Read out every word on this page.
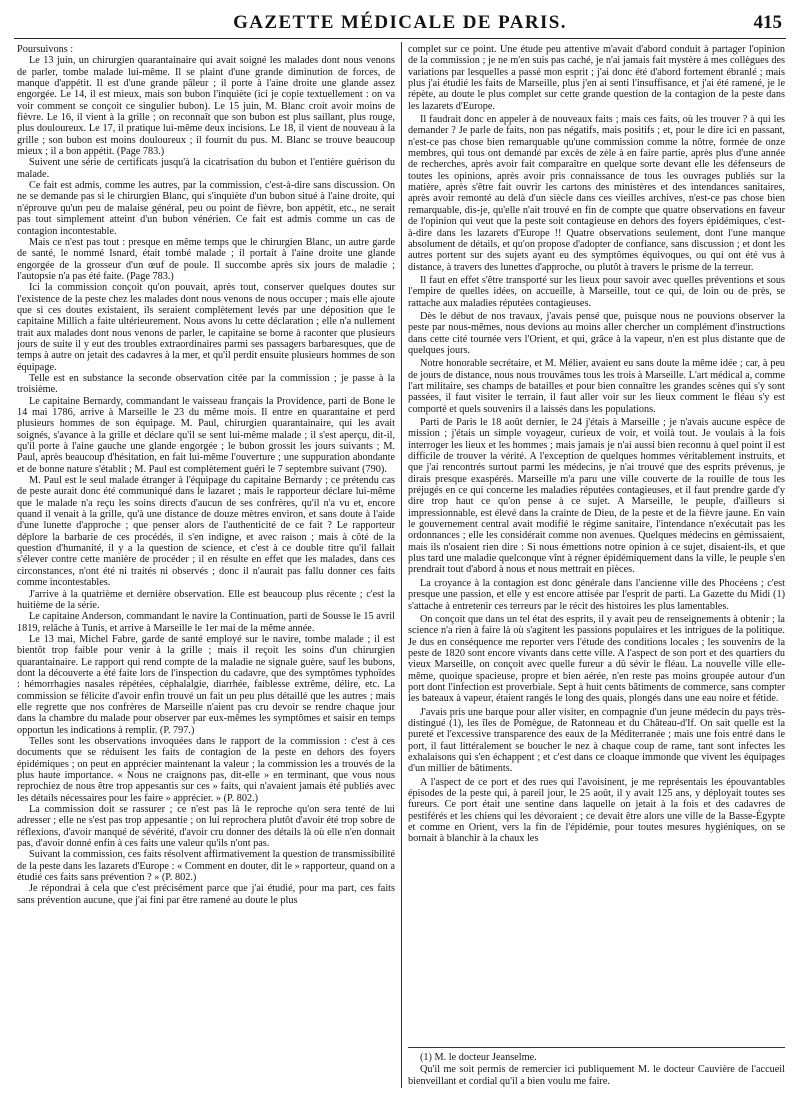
GAZETTE MÉDICALE DE PARIS.	415

Poursuivons :

Le 13 juin, un chirurgien quarantainaire qui avait soigné les malades dont nous venons de parler, tombe malade lui-même. Il se plaint d'une grande diminution de forces, de manque d'appétit. Il est d'une grande pâleur ; il porte à l'aine droite une glande assez engorgée. Le 14, il est mieux, mais son bubon l'inquiète (ici je copie textuellement : on va voir comment se conçoit ce singulier bubon). Le 15 juin, M. Blanc croit avoir moins de fièvre. Le 16, il vient à la grille ; on reconnaît que son bubon est plus saillant, plus rouge, plus douloureux. Le 17, il pratique lui-même deux incisions. Le 18, il vient de nouveau à la grille ; son bubon est moins douloureux ; il fournit du pus. M. Blanc se trouve beaucoup mieux ; il a bon appétit. (Page 783.)

Suivent une série de certificats jusqu'à la cicatrisation du bubon et l'entière guérison du malade.

Ce fait est admis, comme les autres, par la commission, c'est-à-dire sans discussion. On ne se demande pas si le chirurgien Blanc, qui s'inquiète d'un bubon situé à l'aine droite, qui n'éprouve qu'un peu de malaise général, peu ou point de fièvre, bon appétit, etc., ne serait pas tout simplement atteint d'un bubon vénérien. Ce fait est admis comme un cas de contagion incontestable.

Mais ce n'est pas tout : presque en même temps que le chirurgien Blanc, un autre garde de santé, le nommé Isnard, était tombé malade ; il portait à l'aine droite une glande engorgée de la grosseur d'un œuf de poule. Il succombe après six jours de maladie ; l'autopsie n'a pas été faite. (Page 783.)

Ici la commission conçoit qu'on pouvait, après tout, conserver quelques doutes sur l'existence de la peste chez les malades dont nous venons de nous occuper ; mais elle ajoute que si ces doutes existaient, ils seraient complètement levés par une déposition que le capitaine Millich a faite ultérieurement. Nous avons lu cette déclaration ; elle n'a nullement trait aux malades dont nous venons de parler, le capitaine se borne à raconter que plusieurs jours de suite il y eut des troubles extraordinaires parmi ses passagers barbaresques, que de temps à autre on jetait des cadavres à la mer, et qu'il perdit ensuite plusieurs hommes de son équipage.

Telle est en substance la seconde observation citée par la commission ; je passe à la troisième.

Le capitaine Bernardy, commandant le vaisseau français la Providence, parti de Bone le 14 mai 1786, arrive à Marseille le 23 du même mois. Il entre en quarantaine et perd plusieurs hommes de son équipage. M. Paul, chirurgien quarantainaire, qui les avait soignés, s'avance à la grille et déclare qu'il se sent lui-même malade ; il s'est aperçu, dit-il, qu'il porte à l'aine gauche une glande engorgée ; le bubon grossit les jours suivants ; M. Paul, après beaucoup d'hésitation, en fait lui-même l'ouverture ; une suppuration abondante et de bonne nature s'établit ; M. Paul est complètement guéri le 7 septembre suivant (790).

M. Paul est le seul malade étranger à l'équipage du capitaine Bernardy ; ce prétendu cas de peste aurait donc été communiqué dans le lazaret ; mais le rapporteur déclare lui-même que le malade n'a reçu les soins directs d'aucun de ses confrères, qu'il n'a vu et, encore quand il venait à la grille, qu'à une distance de douze mètres environ, et sans doute à l'aide d'une lunette d'approche ; que penser alors de l'authenticité de ce fait ? Le rapporteur déplore la barbarie de ces procédés, il s'en indigne, et avec raison ; mais à côté de la question d'humanité, il y a la question de science, et c'est à ce double titre qu'il fallait s'élever contre cette manière de procéder ; il en résulte en effet que les malades, dans ces circonstances, n'ont été ni traités ni observés ; donc il n'aurait pas fallu donner ces faits comme incontestables.

J'arrive à la quatrième et dernière observation. Elle est beaucoup plus récente ; c'est la huitième de la série.

Le capitaine Anderson, commandant le navire la Continuation, parti de Sousse le 15 avril 1819, relâche à Tunis, et arrive à Marseille le 1er mai de la même année.

Le 13 mai, Michel Fabre, garde de santé employé sur le navire, tombe malade ; il est bientôt trop faible pour venir à la grille ; mais il reçoit les soins d'un chirurgien quarantainaire. Le rapport qui rend compte de la maladie ne signale guère, sauf les bubons, dont la découverte a été faite lors de l'inspection du cadavre, que des symptômes typhoïdes : hémorrhagies nasales répétées, céphalalgie, diarrhée, faiblesse extrême, délire, etc. La commission se félicite d'avoir enfin trouvé un fait un peu plus détaillé que les autres ; mais elle regrette que nos confrères de Marseille n'aient pas cru devoir se rendre chaque jour dans la chambre du malade pour observer par eux-mêmes les symptômes et saisir en temps opportun les indications à remplir. (P. 797.)

Telles sont les observations invoquées dans le rapport de la commission : c'est à ces documents que se réduisent les faits de contagion de la peste en dehors des foyers épidémiques ; on peut en apprécier maintenant la valeur ; la commission les a trouvés de la plus haute importance. « Nous ne craignons pas, dit-elle » en terminant, que vous nous reprochiez de nous être trop appesantis sur ces » faits, qui n'avaient jamais été publiés avec les détails nécessaires pour les faire » apprécier. » (P. 802.)

La commission doit se rassurer ; ce n'est pas là le reproche qu'on sera tenté de lui adresser ; elle ne s'est pas trop appesantie ; on lui reprochera plutôt d'avoir été trop sobre de réflexions, d'avoir manqué de sévérité, d'avoir cru donner des détails là où elle n'en donnait pas, d'avoir donné enfin à ces faits une valeur qu'ils n'ont pas.

Suivant la commission, ces faits résolvent affirmativement la question de transmissibilité de la peste dans les lazarets d'Europe : « Comment en douter, dit le » rapporteur, quand on a étudié ces faits sans prévention ? » (P. 802.)

Je répondrai à cela que c'est précisément parce que j'ai étudié, pour ma part, ces faits sans prévention aucune, que j'ai fini par être ramené au doute le plus

complet sur ce point. Une étude peu attentive m'avait d'abord conduit à partager l'opinion de la commission ; je ne m'en suis pas caché, je n'ai jamais fait mystère à mes collègues des variations par lesquelles a passé mon esprit ; j'ai donc été d'abord fortement ébranlé ; mais plus j'ai étudié les faits de Marseille, plus j'en ai senti l'insuffisance, et j'ai été ramené, je le répète, au doute le plus complet sur cette grande question de la contagion de la peste dans les lazarets d'Europe.

Il faudrait donc en appeler à de nouveaux faits ; mais ces faits, où les trouver ? à qui les demander ? Je parle de faits, non pas négatifs, mais positifs ; et, pour le dire ici en passant, n'est-ce pas chose bien remarquable qu'une commission comme la nôtre, formée de onze membres, qui tous ont demandé par excès de zèle à en faire partie, après plus d'une année de recherches, après avoir fait comparaître en quelque sorte devant elle les défenseurs de toutes les opinions, après avoir pris connaissance de tous les ouvrages publiés sur la matière, après s'être fait ouvrir les cartons des ministères et des intendances sanitaires, après avoir remonté au delà d'un siècle dans ces vieilles archives, n'est-ce pas chose bien remarquable, dis-je, qu'elle n'ait trouvé en fin de compte que quatre observations en faveur de l'opinion qui veut que la peste soit contagieuse en dehors des foyers épidémiques, c'est-à-dire dans les lazarets d'Europe !! Quatre observations seulement, dont l'une manque absolument de détails, et qu'on propose d'adopter de confiance, sans discussion ; et dont les autres portent sur des sujets ayant eu des symptômes équivoques, ou qui ont été vus à distance, à travers des lunettes d'approche, ou plutôt à travers le prisme de la terreur.

Il faut en effet s'être transporté sur les lieux pour savoir avec quelles préventions et sous l'empire de quelles idées, on accueille, à Marseille, tout ce qui, de loin ou de près, se rattache aux maladies réputées contagieuses.

Dès le début de nos travaux, j'avais pensé que, puisque nous ne pouvions observer la peste par nous-mêmes, nous devions au moins aller chercher un complément d'instructions dans cette cité tournée vers l'Orient, et qui, grâce à la vapeur, n'en est plus distante que de quelques jours.

Notre honorable secrétaire, et M. Mélier, avaient eu sans doute la même idée ; car, à peu de jours de distance, nous nous trouvâmes tous les trois à Marseille. L'art médical a, comme l'art militaire, ses champs de batailles et pour bien connaître les grandes scènes qui s'y sont passées, il faut visiter le terrain, il faut aller voir sur les lieux comment le fléau s'y est comporté et quels souvenirs il a laissés dans les populations.

Parti de Paris le 18 août dernier, le 24 j'étais à Marseille ; je n'avais aucune espèce de mission ; j'étais un simple voyageur, curieux de voir, et voilà tout. Je voulais à la fois interroger les lieux et les hommes ; mais jamais je n'ai aussi bien reconnu à quel point il est difficile de trouver la vérité. A l'exception de quelques hommes véritablement instruits, et que j'ai rencontrés surtout parmi les médecins, je n'ai trouvé que des esprits prévenus, je dirais presque exaspérés. Marseille m'a paru une ville couverte de la rouille de tous les préjugés en ce qui concerne les maladies réputées contagieuses, et il faut prendre garde d'y dire trop haut ce qu'on pense à ce sujet. A Marseille, le peuple, d'ailleurs si impressionnable, est élevé dans la crainte de Dieu, de la peste et de la fièvre jaune. En vain le gouvernement central avait modifié le régime sanitaire, l'intendance n'exécutait pas les ordonnances ; elle les considérait comme non avenues. Quelques médecins en gémissaient, mais ils n'osaient rien dire : Si nous émettions notre opinion à ce sujet, disaient-ils, et que plus tard une maladie quelconque vînt à régner épidémiquement dans la ville, le peuple s'en prendrait tout d'abord à nous et nous mettrait en pièces.

La croyance à la contagion est donc générale dans l'ancienne ville des Phocéens ; c'est presque une passion, et elle y est encore attisée par l'esprit de parti. La Gazette du Midi (1) s'attache à entretenir ces terreurs par le récit des histoires les plus lamentables.

On conçoit que dans un tel état des esprits, il y avait peu de renseignements à obtenir ; la science n'a rien à faire là où s'agitent les passions populaires et les intrigues de la politique. Je dus en conséquence me reporter vers l'étude des conditions locales ; les souvenirs de la peste de 1820 sont encore vivants dans cette ville. A l'aspect de son port et des quartiers du vieux Marseille, on conçoit avec quelle fureur a dû sévir le fléau. La nouvelle ville elle-même, quoique spacieuse, propre et bien aérée, n'en reste pas moins groupée autour d'un port dont l'infection est proverbiale. Sept à huit cents bâtiments de commerce, sans compter les bateaux à vapeur, étaient rangés le long des quais, plongés dans une eau noire et fétide.

J'avais pris une barque pour aller visiter, en compagnie d'un jeune médecin du pays très-distingué (1), les îles de Pomègue, de Ratonneau et du Château-d'If. On sait quelle est la pureté et l'excessive transparence des eaux de la Méditerranée ; mais une fois entré dans le port, il faut littéralement se boucher le nez à chaque coup de rame, tant sont infectes les exhalaisons qui s'en échappent ; et c'est dans ce cloaque immonde que vivent les équipages d'un millier de bâtiments.

A l'aspect de ce port et des rues qui l'avoisinent, je me représentais les épouvantables épisodes de la peste qui, à pareil jour, le 25 août, il y avait 125 ans, y déployait toutes ses fureurs. Ce port était une sentine dans laquelle on jetait à la fois et des cadavres de pestiférés et les chiens qui les dévoraient ; ce devait être alors une ville de la Basse-Égypte et comme en Orient, vers la fin de l'épidémie, pour toutes mesures hygiéniques, on se bornait à blanchir à la chaux les

(1) M. le docteur Jeanselme.

Qu'il me soit permis de remercier ici publiquement M. le docteur Cauvière de l'accueil bienveillant et cordial qu'il a bien voulu me faire.
